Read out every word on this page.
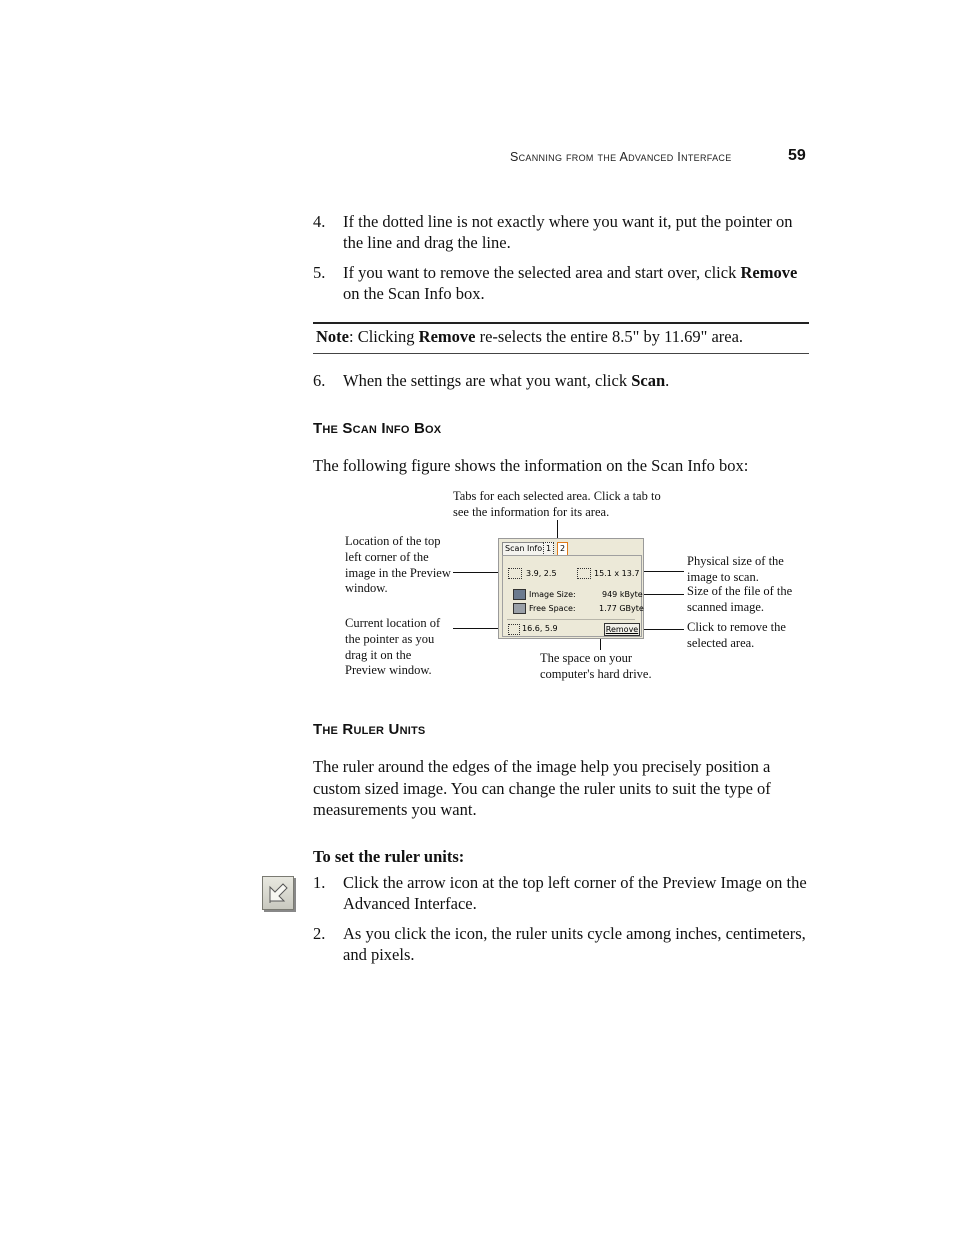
Scanning from the Advanced Interface	59
4. If the dotted line is not exactly where you want it, put the pointer on the line and drag the line.
5. If you want to remove the selected area and start over, click Remove on the Scan Info box.
Note: Clicking Remove re-selects the entire 8.5" by 11.69" area.
6. When the settings are what you want, click Scan.
The Scan Info Box
The following figure shows the information on the Scan Info box:
Tabs for each selected area. Click a tab to see the information for its area.
Location of the top left corner of the image in the Preview window.
Current location of the pointer as you drag it on the Preview window.
Physical size of the image to scan.
Size of the file of the scanned image.
Click to remove the selected area.
The space on your computer's hard drive.
Scan Info 1	2
3.9, 2.5	15.1 x 13.7
Image Size:	949 kByte
Free Space:	1.77 GByte
16.6, 5.9	Remove
The Ruler Units
The ruler around the edges of the image help you precisely position a custom sized image. You can change the ruler units to suit the type of measurements you want.
To set the ruler units:
1. Click the arrow icon at the top left corner of the Preview Image on the Advanced Interface.
2. As you click the icon, the ruler units cycle among inches, centimeters, and pixels.
